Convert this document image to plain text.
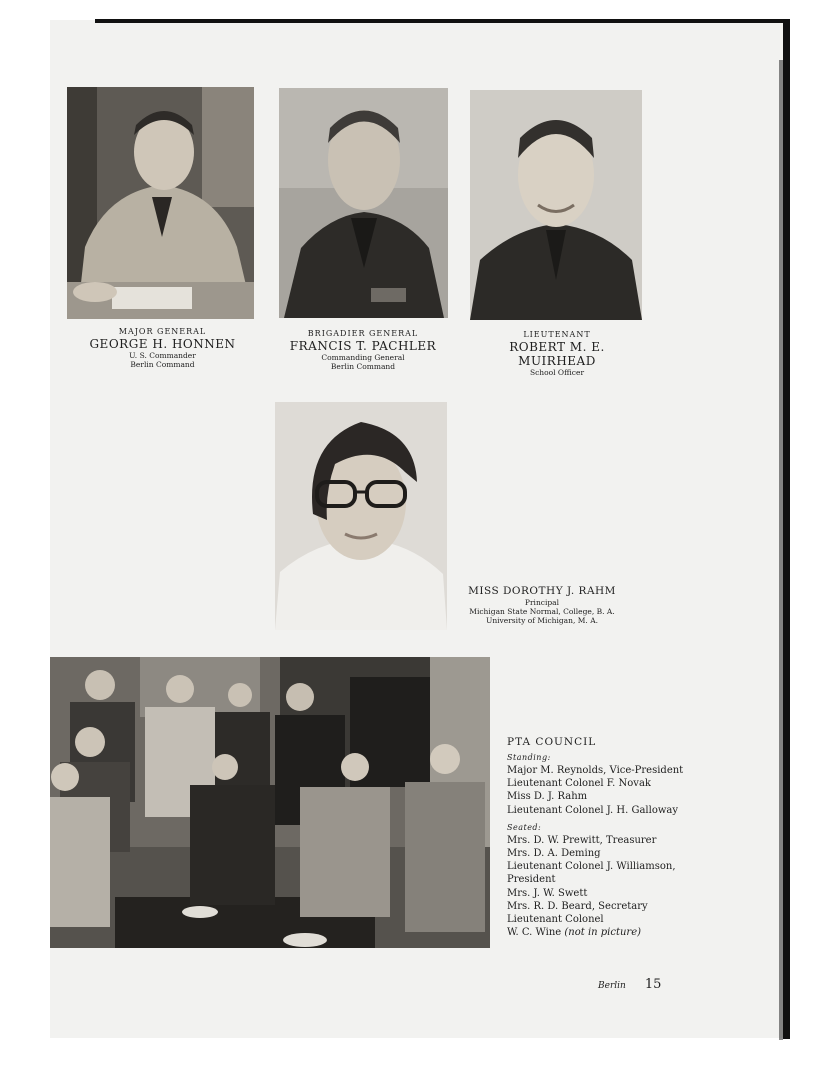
MAJOR GENERAL
GEORGE H. HONNEN
U. S. Commander
Berlin Command
BRIGADIER GENERAL
FRANCIS T. PACHLER
Commanding General
Berlin Command
LIEUTENANT
ROBERT M. E. MUIRHEAD
School Officer
MISS DOROTHY J. RAHM
Principal
Michigan State Normal, College, B. A.
University of Michigan, M. A.
PTA COUNCIL
Standing:
Major M. Reynolds, Vice-President
Lieutenant Colonel F. Novak
Miss D. J. Rahm
Lieutenant Colonel J. H. Galloway
Seated:
Mrs. D. W. Prewitt, Treasurer
Mrs. D. A. Deming
Lieutenant Colonel J. Williamson,
President
Mrs. J. W. Swett
Mrs. R. D. Beard, Secretary
Lieutenant Colonel
W. C. Wine (not in picture)
Berlin 15
